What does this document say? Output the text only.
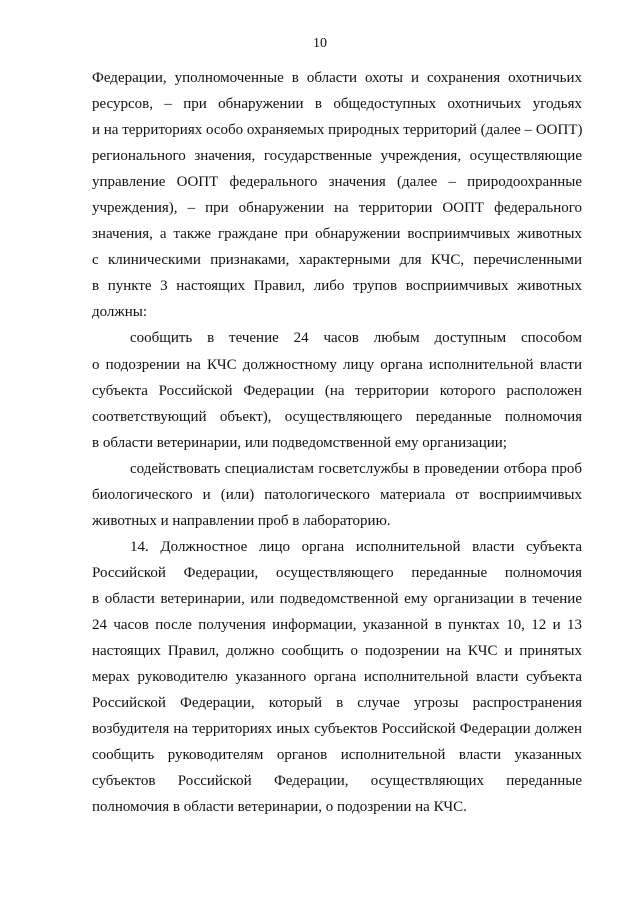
10
Федерации, уполномоченные в области охоты и сохранения охотничьих
ресурсов, – при обнаружении в общедоступных охотничьих угодьях
и на территориях особо охраняемых природных территорий (далее – ООПТ)
регионального значения, государственные учреждения, осуществляющие
управление ООПТ федерального значения (далее – природоохранные
учреждения), – при обнаружении на территории ООПТ федерального
значения, а также граждане при обнаружении восприимчивых животных
с клиническими признаками, характерными для КЧС, перечисленными
в пункте 3 настоящих Правил, либо трупов восприимчивых животных
должны:
сообщить в течение 24 часов любым доступным способом
о подозрении на КЧС должностному лицу органа исполнительной власти
субъекта Российской Федерации (на территории которого расположен
соответствующий объект), осуществляющего переданные полномочия
в области ветеринарии, или подведомственной ему организации;
содействовать специалистам госветслужбы в проведении отбора проб
биологического и (или) патологического материала от восприимчивых
животных и направлении проб в лабораторию.
14. Должностное лицо органа исполнительной власти субъекта
Российской Федерации, осуществляющего переданные полномочия
в области ветеринарии, или подведомственной ему организации в течение
24 часов после получения информации, указанной в пунктах 10, 12 и 13
настоящих Правил, должно сообщить о подозрении на КЧС и принятых
мерах руководителю указанного органа исполнительной власти субъекта
Российской Федерации, который в случае угрозы распространения
возбудителя на территориях иных субъектов Российской Федерации должен
сообщить руководителям органов исполнительной власти указанных
субъектов Российской Федерации, осуществляющих переданные
полномочия в области ветеринарии, о подозрении на КЧС.
